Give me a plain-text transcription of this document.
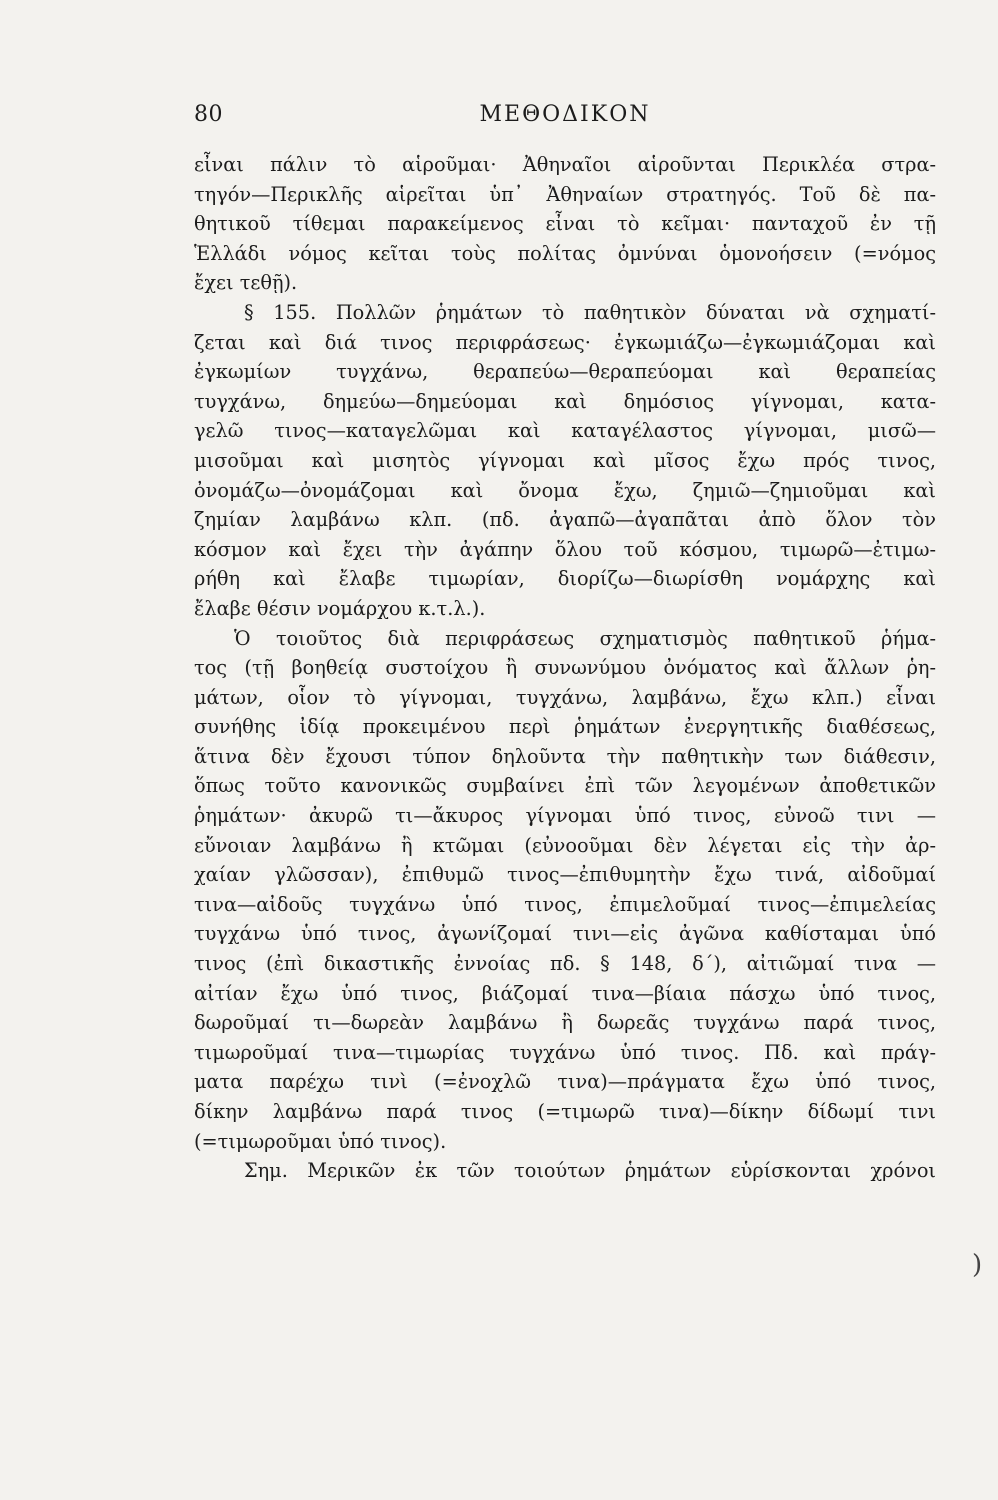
80	ΜΕΘΟΔΙΚΟΝ
εἶναι πάλιν τὸ αἱροῦμαι· Ἀθηναῖοι αἱροῦνται Περικλέα στρα-
τηγόν—Περικλῆς αἱρεῖται ὑπ᾽ Ἀθηναίων στρατηγός. Τοῦ δὲ πα-
θητικοῦ τίθεμαι παρακείμενος εἶναι τὸ κεῖμαι· πανταχοῦ ἐν τῇ
Ἑλλάδι νόμος κεῖται τοὺς πολίτας ὀμνύναι ὁμονοήσειν (=νόμος
ἔχει τεθῇ).
§ 155. Πολλῶν ῥημάτων τὸ παθητικὸν δύναται νὰ σχηματί-
ζεται καὶ διά τινος περιφράσεως· ἐγκωμιάζω—ἐγκωμιάζομαι καὶ
ἐγκωμίων τυγχάνω, θεραπεύω—θεραπεύομαι καὶ θεραπείας
τυγχάνω, δημεύω—δημεύομαι καὶ δημόσιος γίγνομαι, κατα-
γελῶ τινος—καταγελῶμαι καὶ καταγέλαστος γίγνομαι, μισῶ—
μισοῦμαι καὶ μισητὸς γίγνομαι καὶ μῖσος ἔχω πρός τινος,
ὀνομάζω—ὀνομάζομαι καὶ ὄνομα ἔχω, ζημιῶ—ζημιοῦμαι καὶ
ζημίαν λαμβάνω κλπ. (πδ. ἀγαπῶ—ἀγαπᾶται ἀπὸ ὅλον τὸν
κόσμον καὶ ἔχει τὴν ἀγάπην ὅλου τοῦ κόσμου, τιμωρῶ—ἐτιμω-
ρήθη καὶ ἔλαβε τιμωρίαν, διορίζω—διωρίσθη νομάρχης καὶ
ἔλαβε θέσιν νομάρχου κ.τ.λ.).
Ὁ τοιοῦτος διὰ περιφράσεως σχηματισμὸς παθητικοῦ ῥήμα-
τος (τῇ βοηθείᾳ συστοίχου ἢ συνωνύμου ὀνόματος καὶ ἄλλων ῥη-
μάτων, οἷον τὸ γίγνομαι, τυγχάνω, λαμβάνω, ἔχω κλπ.) εἶναι
συνήθης ἰδίᾳ προκειμένου περὶ ῥημάτων ἐνεργητικῆς διαθέσεως,
ἅτινα δὲν ἔχουσι τύπον δηλοῦντα τὴν παθητικὴν των διάθεσιν,
ὅπως τοῦτο κανονικῶς συμβαίνει ἐπὶ τῶν λεγομένων ἀποθετικῶν
ῥημάτων· ἀκυρῶ τι—ἄκυρος γίγνομαι ὑπό τινος, εὐνοῶ τινι —
εὔνοιαν λαμβάνω ἢ κτῶμαι (εὐνοοῦμαι δὲν λέγεται εἰς τὴν ἀρ-
χαίαν γλῶσσαν), ἐπιθυμῶ τινος—ἐπιθυμητὴν ἔχω τινά, αἰδοῦμαί
τινα—αἰδοῦς τυγχάνω ὑπό τινος, ἐπιμελοῦμαί τινος—ἐπιμελείας
τυγχάνω ὑπό τινος, ἀγωνίζομαί τινι—εἰς ἀγῶνα καθίσταμαι ὑπό
τινος (ἐπὶ δικαστικῆς ἐννοίας πδ. § 148, δ´), αἰτιῶμαί τινα —
αἰτίαν ἔχω ὑπό τινος, βιάζομαί τινα—βίαια πάσχω ὑπό τινος,
δωροῦμαί τι—δωρεὰν λαμβάνω ἢ δωρεᾶς τυγχάνω παρά τινος,
τιμωροῦμαί τινα—τιμωρίας τυγχάνω ὑπό τινος. Πδ. καὶ πράγ-
ματα παρέχω τινὶ (=ἐνοχλῶ τινα)—πράγματα ἔχω ὑπό τινος,
δίκην λαμβάνω παρά τινος (=τιμωρῶ τινα)—δίκην δίδωμί τινι
(=τιμωροῦμαι ὑπό τινος).
Σημ. Μερικῶν ἐκ τῶν τοιούτων ῥημάτων εὑρίσκονται χρόνοι
)
